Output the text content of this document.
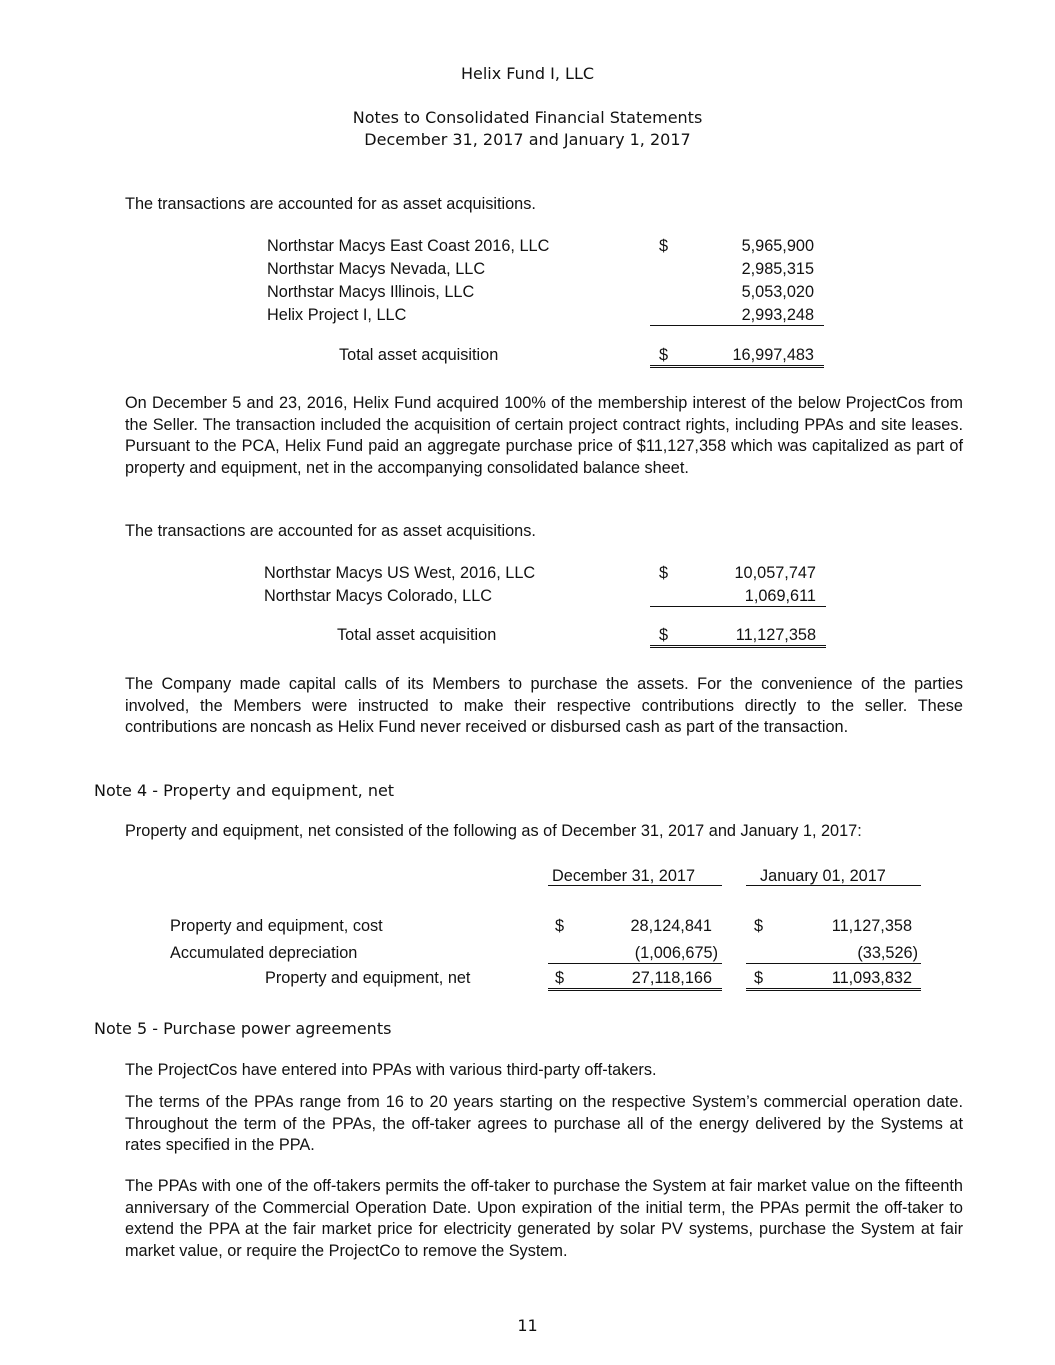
Helix Fund I, LLC
Notes to Consolidated Financial Statements
December 31, 2017 and January 1, 2017
The transactions are accounted for as asset acquisitions.
Northstar Macys East Coast 2016, LLC	$	5,965,900
Northstar Macys Nevada, LLC	2,985,315
Northstar Macys Illinois, LLC	5,053,020
Helix Project I, LLC	2,993,248
Total asset acquisition	$	16,997,483
On December 5 and 23, 2016, Helix Fund acquired 100% of the membership interest of the below ProjectCos from the Seller. The transaction included the acquisition of certain project contract rights, including PPAs and site leases. Pursuant to the PCA, Helix Fund paid an aggregate purchase price of $11,127,358 which was capitalized as part of property and equipment, net in the accompanying consolidated balance sheet.
The transactions are accounted for as asset acquisitions.
Northstar Macys US West, 2016, LLC	$	10,057,747
Northstar Macys Colorado, LLC	1,069,611
Total asset acquisition	$	11,127,358
The Company made capital calls of its Members to purchase the assets. For the convenience of the parties involved, the Members were instructed to make their respective contributions directly to the seller. These contributions are noncash as Helix Fund never received or disbursed cash as part of the transaction.
Note 4 - Property and equipment, net
Property and equipment, net consisted of the following as of December 31, 2017 and January 1, 2017:
December 31, 2017	January 01, 2017
Property and equipment, cost	$	28,124,841	$	11,127,358
Accumulated depreciation	(1,006,675)	(33,526)
Property and equipment, net	$	27,118,166	$	11,093,832
Note 5 - Purchase power agreements
The ProjectCos have entered into PPAs with various third-party off-takers.
The terms of the PPAs range from 16 to 20 years starting on the respective System’s commercial operation date. Throughout the term of the PPAs, the off-taker agrees to purchase all of the energy delivered by the Systems at rates specified in the PPA.
The PPAs with one of the off-takers permits the off-taker to purchase the System at fair market value on the fifteenth anniversary of the Commercial Operation Date. Upon expiration of the initial term, the PPAs permit the off-taker to extend the PPA at the fair market price for electricity generated by solar PV systems, purchase the System at fair market value, or require the ProjectCo to remove the System.
11
